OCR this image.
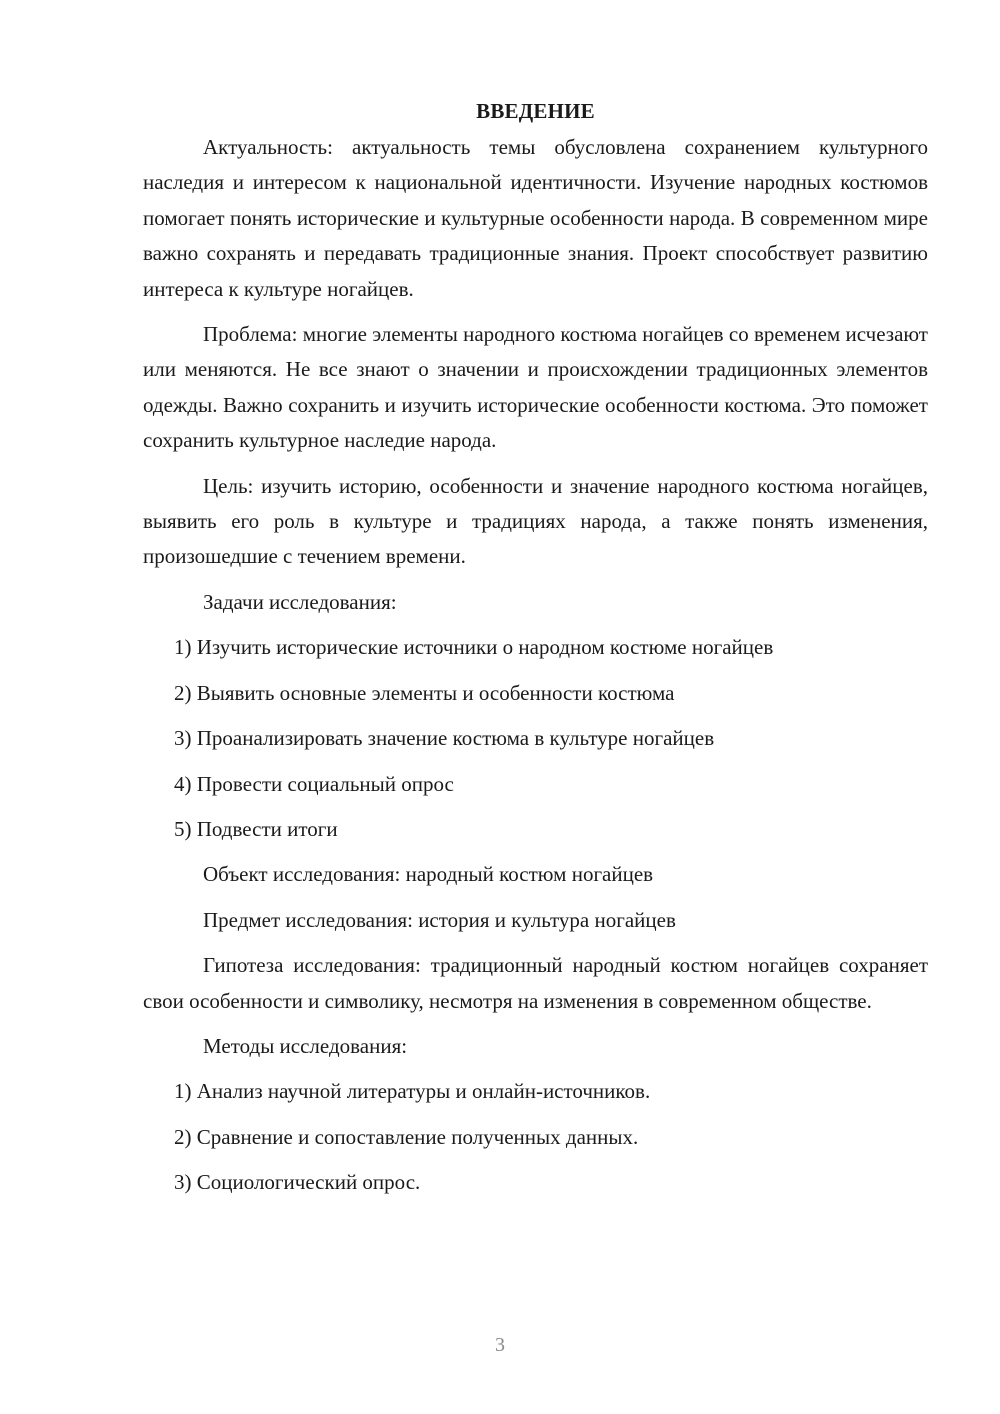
ВВЕДЕНИЕ

Актуальность: актуальность темы обусловлена сохранением культурного наследия и интересом к национальной идентичности. Изучение народных костюмов помогает понять исторические и культурные особенности народа. В современном мире важно сохранять и передавать традиционные знания. Проект способствует развитию интереса к культуре ногайцев.

Проблема: многие элементы народного костюма ногайцев со временем исчезают или меняются. Не все знают о значении и происхождении традиционных элементов одежды. Важно сохранить и изучить исторические особенности костюма. Это поможет сохранить культурное наследие народа.

Цель: изучить историю, особенности и значение народного костюма ногайцев, выявить его роль в культуре и традициях народа, а также понять изменения, произошедшие с течением времени.

Задачи исследования:
1) Изучить исторические источники о народном костюме ногайцев
2) Выявить основные элементы и особенности костюма
3) Проанализировать значение костюма в культуре ногайцев
4) Провести социальный опрос
5) Подвести итоги
Объект исследования: народный костюм ногайцев
Предмет исследования: история и культура ногайцев

Гипотеза исследования: традиционный народный костюм ногайцев сохраняет свои особенности и символику, несмотря на изменения в современном обществе.

Методы исследования:
1) Анализ научной литературы и онлайн-источников.
2) Сравнение и сопоставление полученных данных.
3) Социологический опрос.
3
